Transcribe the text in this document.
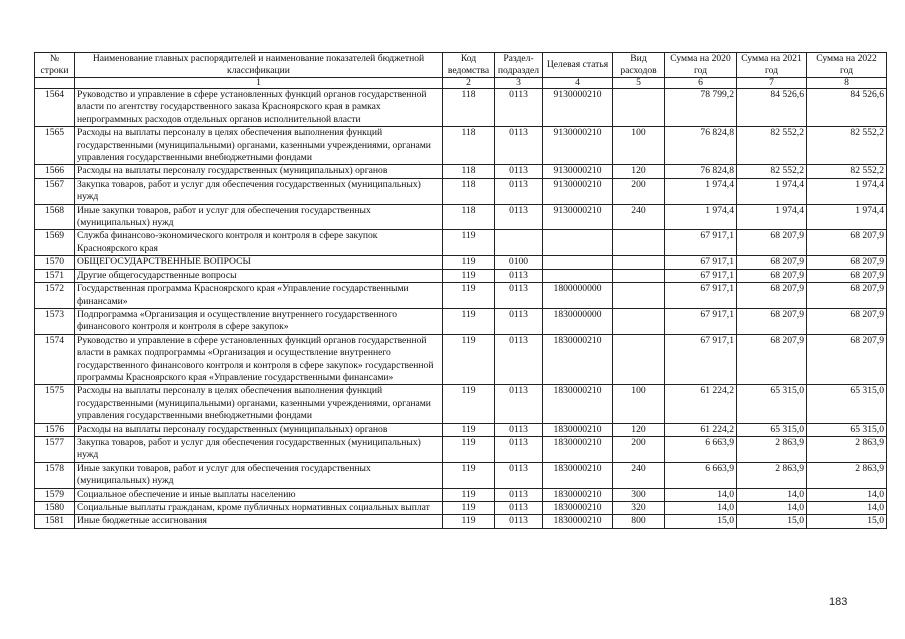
№ строки	Наименование главных распорядителей и наименование показателей бюджетной классификации	Код ведомства	Раздел-подраздел	Целевая статья	Вид расходов	Сумма на 2020 год	Сумма на 2021 год	Сумма на 2022 год
	1	2	3	4	5	6	7	8
1564	Руководство и управление в сфере установленных функций органов государственной власти по агентству государственного заказа Красноярского края в рамках непрограммных расходов отдельных органов исполнительной власти	118	0113	9130000210		78 799,2	84 526,6	84 526,6
1565	Расходы на выплаты персоналу в целях обеспечения выполнения функций государственными (муниципальными) органами, казенными учреждениями, органами управления государственными внебюджетными фондами	118	0113	9130000210	100	76 824,8	82 552,2	82 552,2
1566	Расходы на выплаты персоналу государственных (муниципальных) органов	118	0113	9130000210	120	76 824,8	82 552,2	82 552,2
1567	Закупка товаров, работ и услуг для обеспечения государственных (муниципальных) нужд	118	0113	9130000210	200	1 974,4	1 974,4	1 974,4
1568	Иные закупки товаров, работ и услуг для обеспечения государственных (муниципальных) нужд	118	0113	9130000210	240	1 974,4	1 974,4	1 974,4
1569	Служба финансово-экономического контроля и контроля в сфере закупок Красноярского края	119				67 917,1	68 207,9	68 207,9
1570	ОБЩЕГОСУДАРСТВЕННЫЕ ВОПРОСЫ	119	0100			67 917,1	68 207,9	68 207,9
1571	Другие общегосударственные вопросы	119	0113			67 917,1	68 207,9	68 207,9
1572	Государственная программа Красноярского края «Управление государственными финансами»	119	0113	1800000000		67 917,1	68 207,9	68 207,9
1573	Подпрограмма «Организация и осуществление внутреннего государственного финансового контроля и контроля в сфере закупок»	119	0113	1830000000		67 917,1	68 207,9	68 207,9
1574	Руководство и управление в сфере установленных функций органов государственной власти в рамках подпрограммы «Организация и осуществление внутреннего государственного финансового контроля и контроля в сфере закупок» государственной программы Красноярского края «Управление государственными финансами»	119	0113	1830000210		67 917,1	68 207,9	68 207,9
1575	Расходы на выплаты персоналу в целях обеспечения выполнения функций государственными (муниципальными) органами, казенными учреждениями, органами управления государственными внебюджетными фондами	119	0113	1830000210	100	61 224,2	65 315,0	65 315,0
1576	Расходы на выплаты персоналу государственных (муниципальных) органов	119	0113	1830000210	120	61 224,2	65 315,0	65 315,0
1577	Закупка товаров, работ и услуг для обеспечения государственных (муниципальных) нужд	119	0113	1830000210	200	6 663,9	2 863,9	2 863,9
1578	Иные закупки товаров, работ и услуг для обеспечения государственных (муниципальных) нужд	119	0113	1830000210	240	6 663,9	2 863,9	2 863,9
1579	Социальное обеспечение и иные выплаты населению	119	0113	1830000210	300	14,0	14,0	14,0
1580	Социальные выплаты гражданам, кроме публичных нормативных социальных выплат	119	0113	1830000210	320	14,0	14,0	14,0
1581	Иные бюджетные ассигнования	119	0113	1830000210	800	15,0	15,0	15,0
183
